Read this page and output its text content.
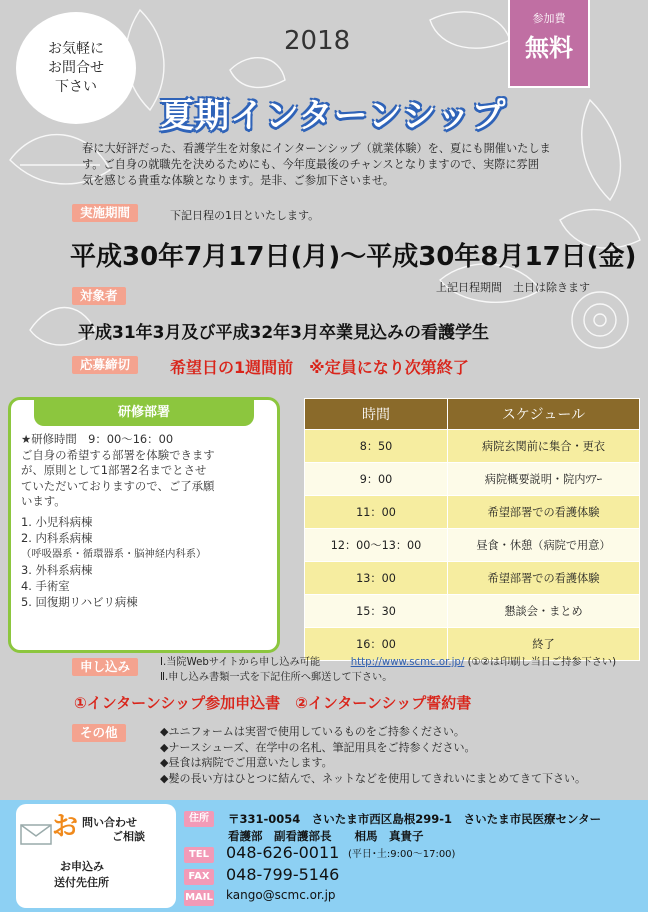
お気軽に
お問合せ
下さい
2018
参加費
無料
夏期インターンシップ
春に大好評だった、看護学生を対象にインターンシップ（就業体験）を、夏にも開催いたしま
す。ご自身の就職先を決めるためにも、今年度最後のチャンスとなりますので、実際に雰囲
気を感じる貴重な体験となります。是非、ご参加下さいませ。
実施期間	下記日程の1日といたします。
平成30年7月17日(月)～平成30年8月17日(金)
上記日程期間　土日は除きます
対象者
平成31年3月及び平成32年3月卒業見込みの看護学生
応募締切	希望日の1週間前　※定員になり次第終了
研修部署
★研修時間　9：00～16：00
ご自身の希望する部署を体験できます
が、原則として1部署2名までとさせ
ていただいておりますので、ご了承願
います。
1. 小児科病棟
2. 内科系病棟
（呼吸器系・循環器系・脳神経内科系）
3. 外科系病棟
4. 手術室
5. 回復期リハビリ病棟
時間	スケジュール
8：50	病院玄関前に集合・更衣
9：00	病院概要説明・院内ﾂｱｰ
11：00	希望部署での看護体験
12：00～13：00	昼食・休憩（病院で用意）
13：00	希望部署での看護体験
15：30	懇談会・まとめ
16：00	終了
申し込み	Ⅰ.当院Webサイトから申し込み可能	http://www.scmc.or.jp/ (①②は印刷し当日ご持参下さい)
Ⅱ.申し込み書類一式を下記住所へ郵送して下さい。
①インターンシップ参加申込書　②インターンシップ誓約書
その他	◆ユニフォームは実習で使用しているものをご持参ください。
◆ナースシューズ、在学中の名札、筆記用具をご持参ください。
◆昼食は病院でご用意いたします。
◆髪の長い方はひとつに結んで、ネットなどを使用してきれいにまとめてきて下さい。
お 問い合わせ
ご相談
お申込み
送付先住所
住所	〒331-0054　さいたま市西区島根299-1　さいたま市民医療センター
看護部　副看護部長　　相馬　真貴子
TEL	048-626-0011 (平日･土:9:00～17:00)
FAX 048-799-5146
MAIL kango@scmc.or.jp
